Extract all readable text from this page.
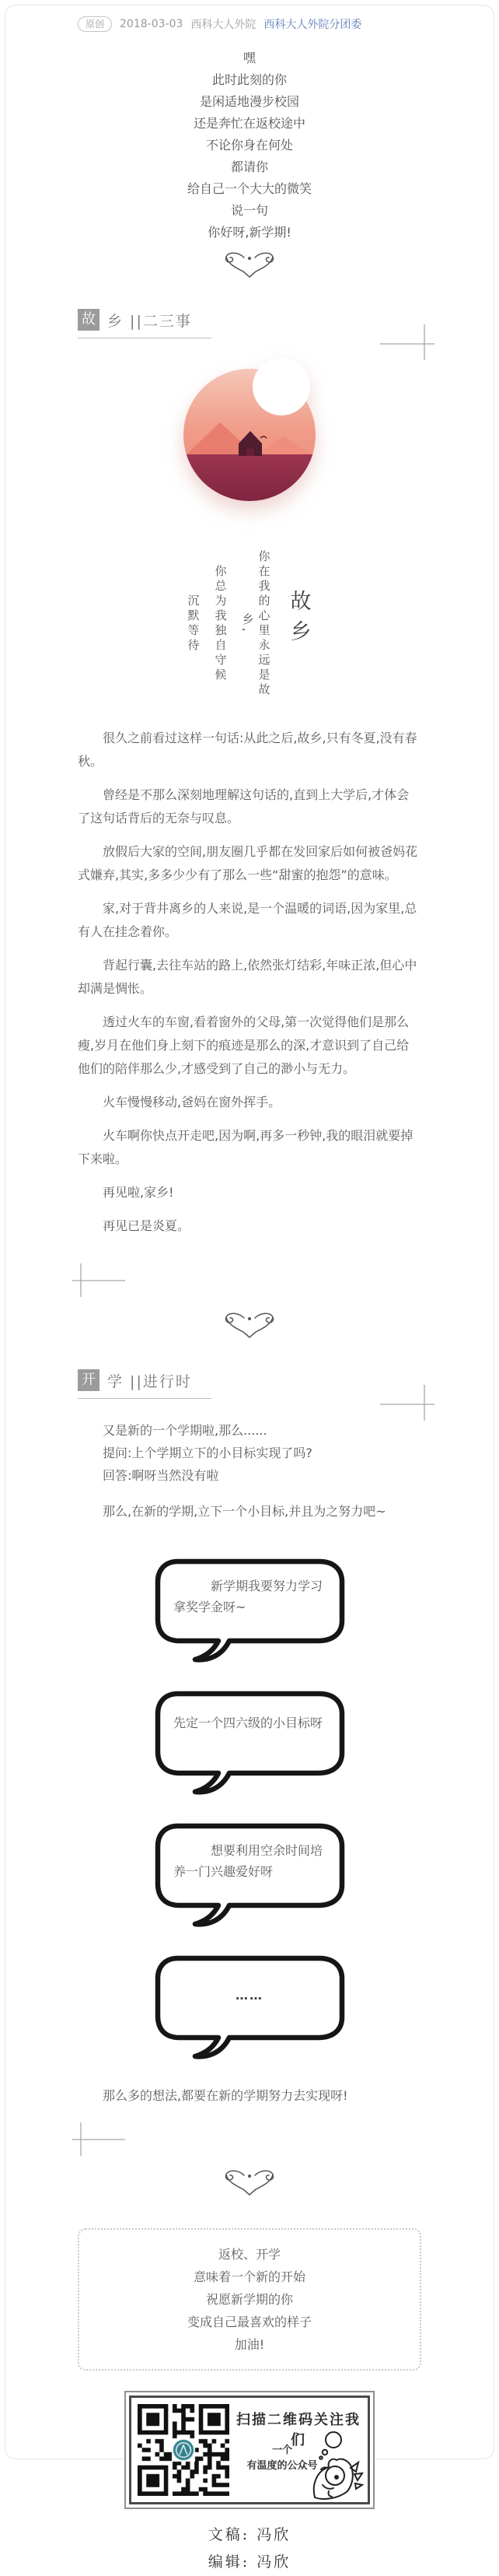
原创	2018-03-03 西科大人外院 西科大人外院分团委
嘿
此时此刻的你
是闲适地漫步校园
还是奔忙在返校途中
不论你身在何处
都请你
给自己一个大大的微笑
说一句
你好呀,新学期!
故 乡 ||二三事
故乡
你在我的心里永远是故乡,
你总为我独自守候
沉默等待

很久之前看过这样一句话:从此之后,故乡,只有冬夏,没有春秋。

曾经是不那么深刻地理解这句话的,直到上大学后,才体会了这句话背后的无奈与叹息。

放假后大家的空间,朋友圈几乎都在发回家后如何被爸妈花式嫌弃,其实,多多少少有了那么一些“甜蜜的抱怨”的意味。

家,对于背井离乡的人来说,是一个温暖的词语,因为家里,总有人在挂念着你。

背起行囊,去往车站的路上,依然张灯结彩,年味正浓,但心中却满是惆怅。

透过火车的车窗,看着窗外的父母,第一次觉得他们是那么瘦,岁月在他们身上刻下的痕迹是那么的深,才意识到了自己给他们的陪伴那么少,才感受到了自己的渺小与无力。

火车慢慢移动,爸妈在窗外挥手。

火车啊你快点开走吧,因为啊,再多一秒钟,我的眼泪就要掉下来啦。

再见啦,家乡!

再见已是炎夏。

开 学 ||进行时
又是新的一个学期啦,那么......
提问:上个学期立下的小目标实现了吗?
回答:啊呀当然没有啦
那么,在新的学期,立下一个小目标,并且为之努力吧~
新学期我要努力学习拿奖学金呀~
先定一个四六级的小目标呀
想要利用空余时间培养一门兴趣爱好呀
……
那么多的想法,都要在新的学期努力去实现呀!
返校、开学
意味着一个新的开始
祝愿新学期的你
变成自己最喜欢的样子
加油!
扫描二维码关注我们
一个
有温度的公众号
文稿: 冯欣
编辑: 冯欣
